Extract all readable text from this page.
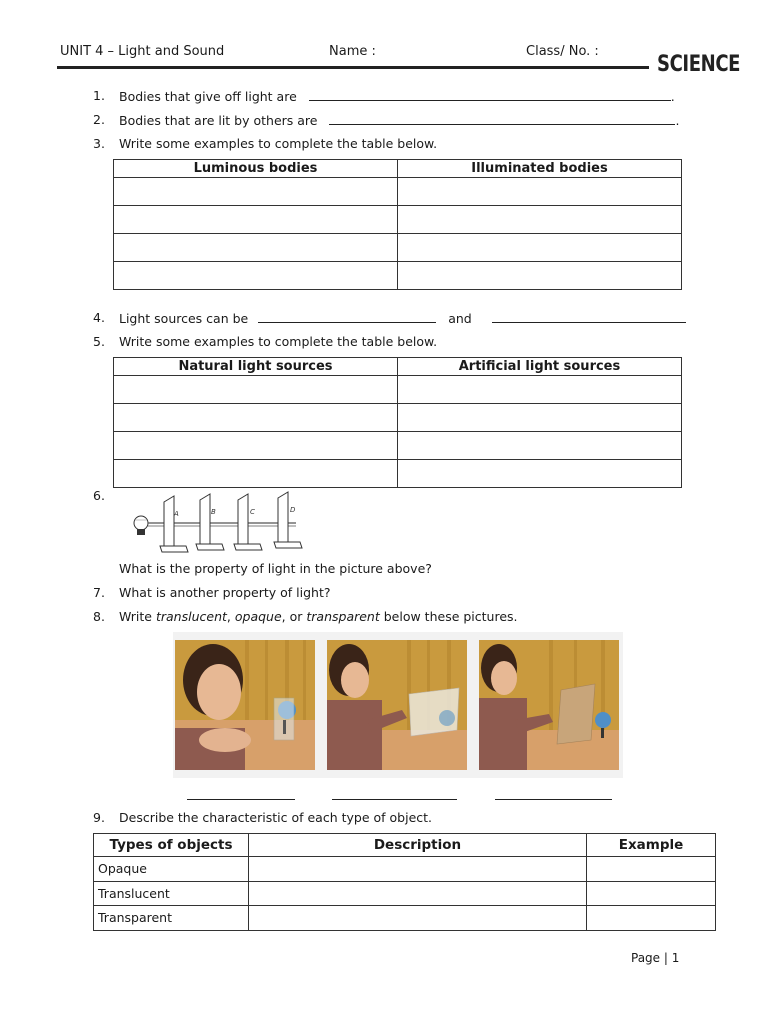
UNIT 4 – Light and Sound	Name :	Class/ No. :
SCIENCE
1. Bodies that give off light are	.
2. Bodies that are lit by others are	.
3. Write some examples to complete the table below.
Luminous bodies	Illuminated bodies

4. Light sources can be	and
5. Write some examples to complete the table below.
Natural light sources	Artificial light sources

6.
A	B	C	D
What is the property of light in the picture above?
7. What is another property of light?
8. Write translucent, opaque, or transparent below these pictures.
9. Describe the characteristic of each type of object.
Types of objects	Description	Example
Opaque		
Translucent		
Transparent		
Page | 1
